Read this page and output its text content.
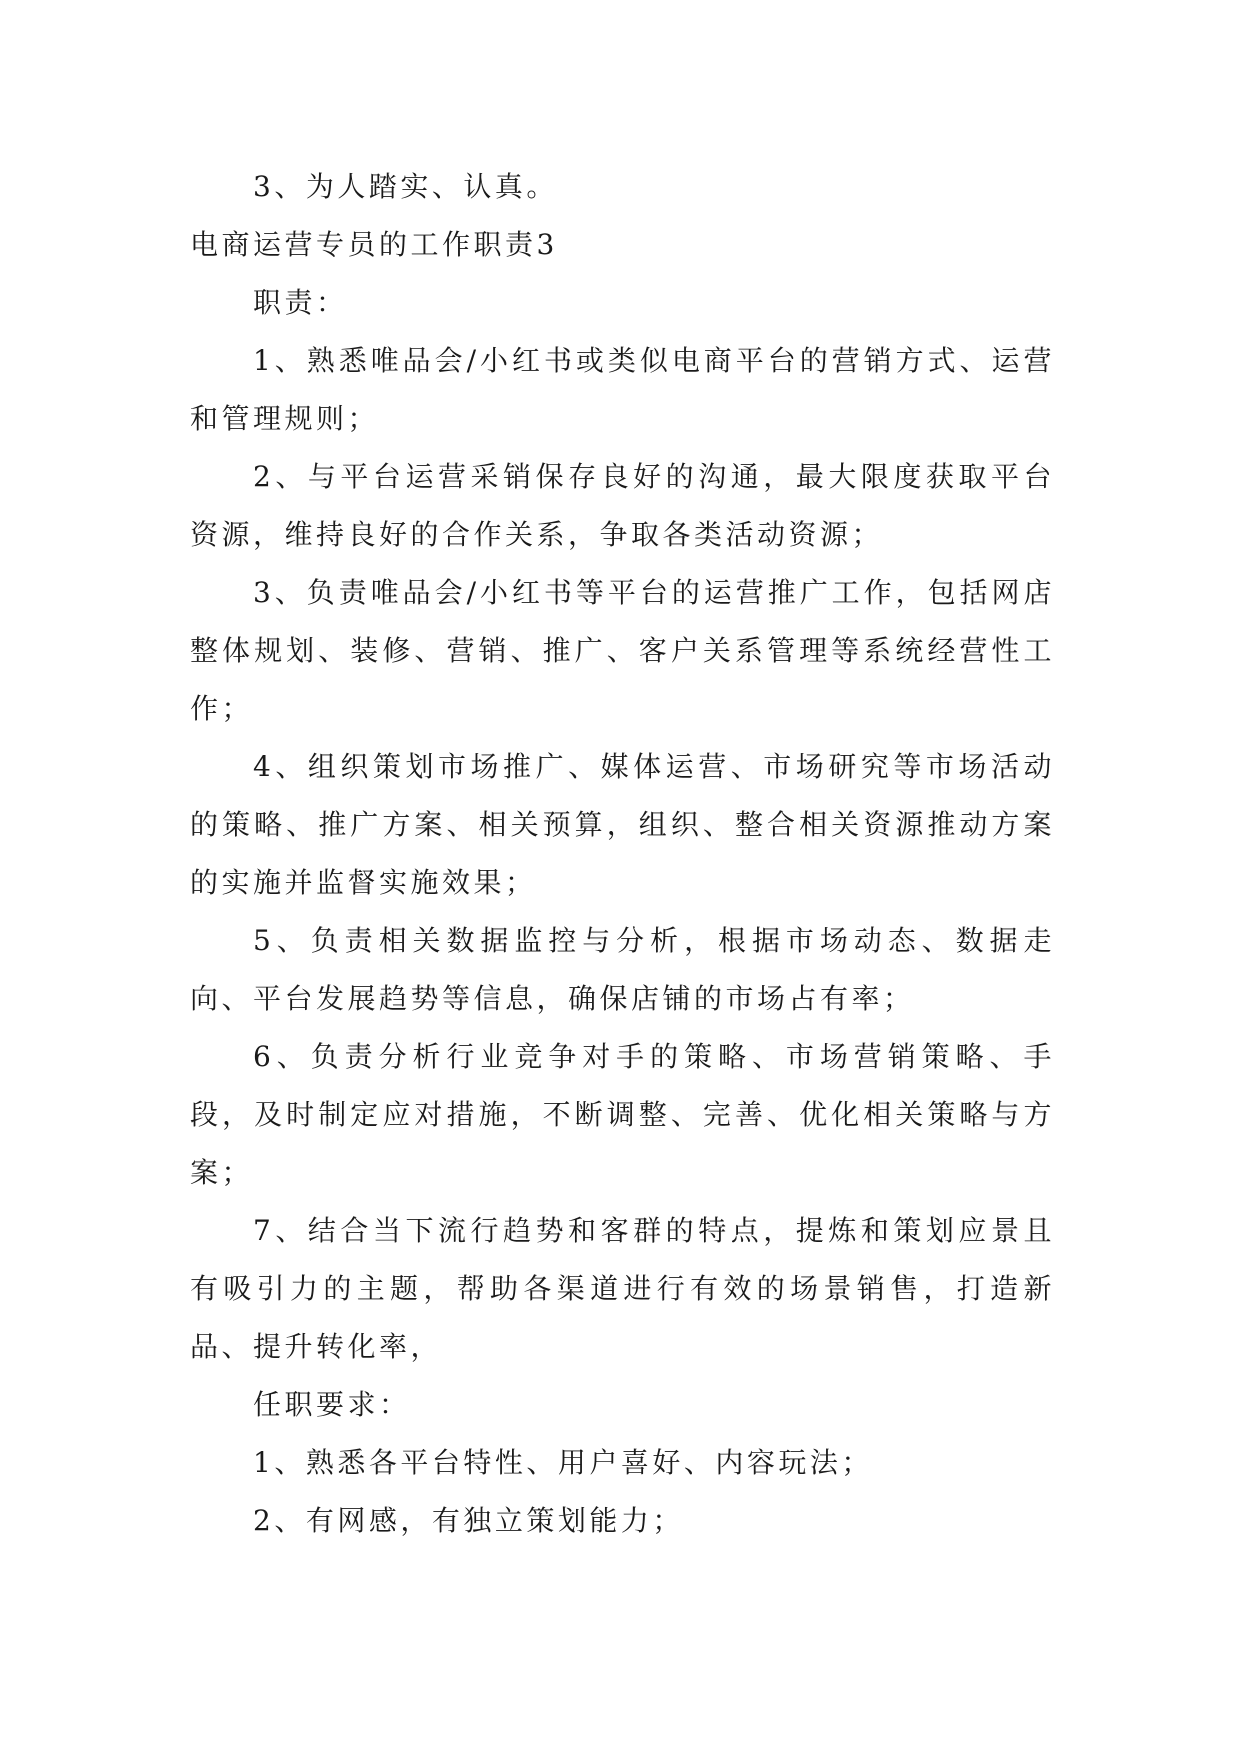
3、为人踏实、认真。

电商运营专员的工作职责3

职责：

1、熟悉唯品会/小红书或类似电商平台的营销方式、运营和管理规则；

2、与平台运营采销保存良好的沟通，最大限度获取平台资源，维持良好的合作关系，争取各类活动资源；

3、负责唯品会/小红书等平台的运营推广工作，包括网店整体规划、装修、营销、推广、客户关系管理等系统经营性工作；

4、组织策划市场推广、媒体运营、市场研究等市场活动的策略、推广方案、相关预算，组织、整合相关资源推动方案的实施并监督实施效果；

5、负责相关数据监控与分析，根据市场动态、数据走向、平台发展趋势等信息，确保店铺的市场占有率；

6、负责分析行业竞争对手的策略、市场营销策略、手段，及时制定应对措施，不断调整、完善、优化相关策略与方案；

7、结合当下流行趋势和客群的特点，提炼和策划应景且有吸引力的主题，帮助各渠道进行有效的场景销售，打造新品、提升转化率，

任职要求：

1、熟悉各平台特性、用户喜好、内容玩法；

2、有网感，有独立策划能力；
